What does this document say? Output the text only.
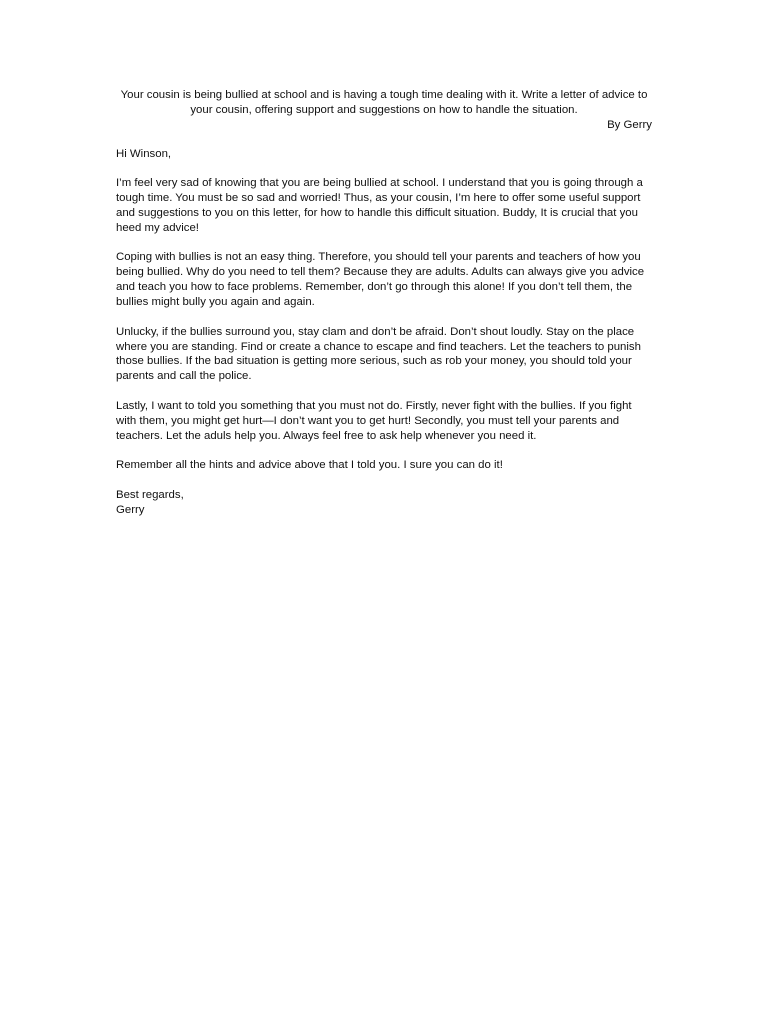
Your cousin is being bullied at school and is having a tough time dealing with it. Write a letter of advice to your cousin, offering support and suggestions on how to handle the situation.

By Gerry

Hi Winson,

I’m feel very sad of knowing that you are being bullied at school. I understand that you is going through a tough time. You must be so sad and worried! Thus, as your cousin, I’m here to offer some useful support and suggestions to you on this letter, for how to handle this difficult situation. Buddy, It is crucial that you heed my advice!

Coping with bullies is not an easy thing. Therefore, you should tell your parents and teachers of how you being bullied. Why do you need to tell them? Because they are adults. Adults can always give you advice and teach you how to face problems. Remember, don’t go through this alone! If you don’t tell them, the bullies might bully you again and again.

Unlucky, if the bullies surround you, stay clam and don’t be afraid. Don’t shout loudly. Stay on the place where you are standing. Find or create a chance to escape and find teachers. Let the teachers to punish those bullies. If the bad situation is getting more serious, such as rob your money, you should told your parents and call the police.

Lastly, I want to told you something that you must not do. Firstly, never fight with the bullies. If you fight with them, you might get hurt—I don’t want you to get hurt! Secondly, you must tell your parents and teachers. Let the aduls help you. Always feel free to ask help whenever you need it.

Remember all the hints and advice above that I told you. I sure you can do it!

Best regards,

Gerry
